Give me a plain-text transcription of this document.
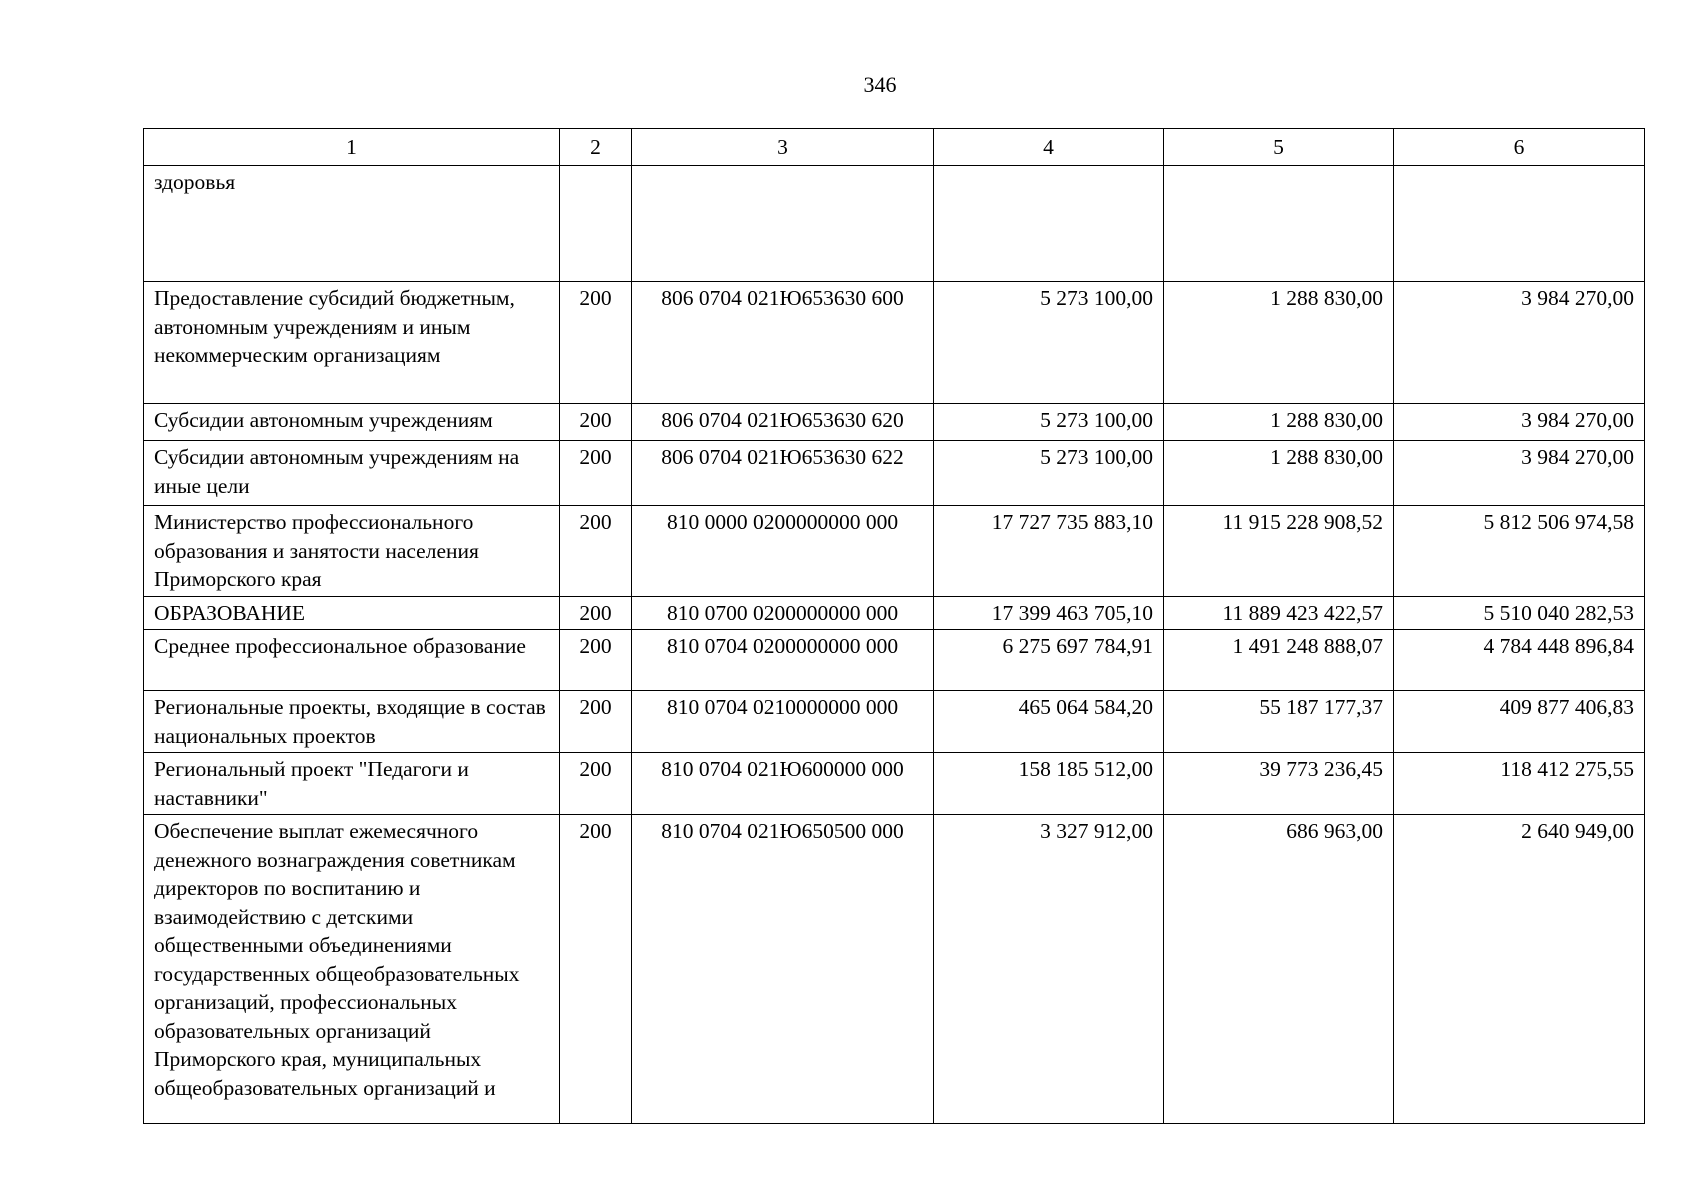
346
1	2	3	4	5	6
здоровья					
Предоставление субсидий бюджетным, автономным учреждениям и иным некоммерческим организациям	200	806 0704 021Ю653630 600	5 273 100,00	1 288 830,00	3 984 270,00
Субсидии автономным учреждениям	200	806 0704 021Ю653630 620	5 273 100,00	1 288 830,00	3 984 270,00
Субсидии автономным учреждениям на иные цели	200	806 0704 021Ю653630 622	5 273 100,00	1 288 830,00	3 984 270,00
Министерство профессионального образования и занятости населения Приморского края	200	810 0000 0200000000 000	17 727 735 883,10	11 915 228 908,52	5 812 506 974,58
ОБРАЗОВАНИЕ	200	810 0700 0200000000 000	17 399 463 705,10	11 889 423 422,57	5 510 040 282,53
Среднее профессиональное образование	200	810 0704 0200000000 000	6 275 697 784,91	1 491 248 888,07	4 784 448 896,84
Региональные проекты, входящие в состав национальных проектов	200	810 0704 0210000000 000	465 064 584,20	55 187 177,37	409 877 406,83
Региональный проект "Педагоги и наставники"	200	810 0704 021Ю600000 000	158 185 512,00	39 773 236,45	118 412 275,55
Обеспечение выплат ежемесячного денежного вознаграждения советникам директоров по воспитанию и взаимодействию с детскими общественными объединениями государственных общеобразовательных организаций, профессиональных образовательных организаций Приморского края, муниципальных общеобразовательных организаций и	200	810 0704 021Ю650500 000	3 327 912,00	686 963,00	2 640 949,00
